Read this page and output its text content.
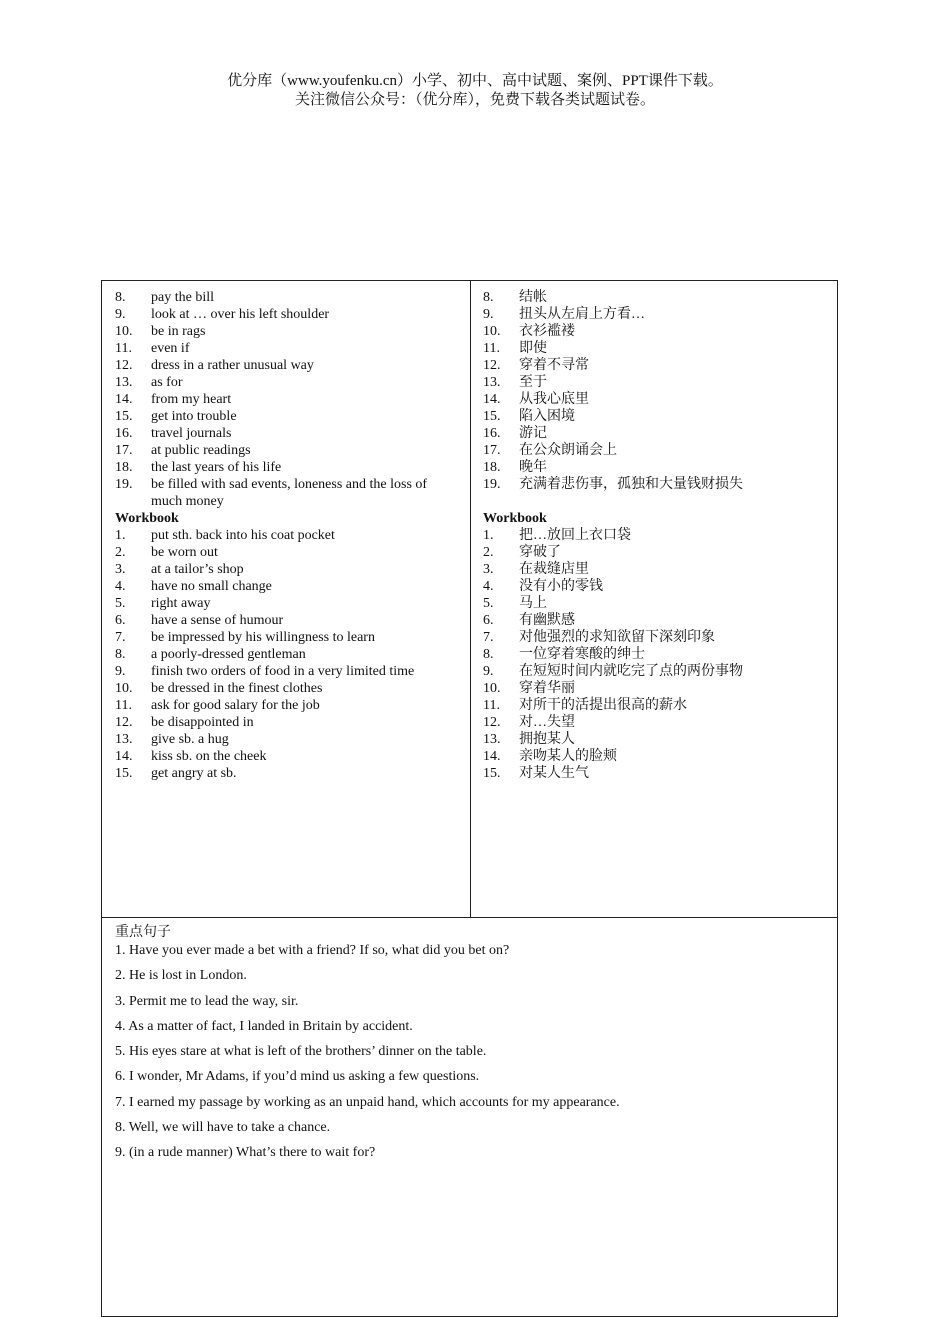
优分库（www.youfenku.cn）小学、初中、高中试题、案例、PPT课件下载。
关注微信公众号：（优分库），免费下载各类试题试卷。
8.	pay the bill
9.	look at … over his left shoulder
10.	be in rags
11.	even if
12.	dress in a rather unusual way
13.	as for
14.	from my heart
15.	get into trouble
16.	travel journals
17.	at public readings
18.	the last years of his life
19.	be filled with sad events, loneness and the loss of much money
Workbook
1.	put sth. back into his coat pocket
2.	be worn out
3.	at a tailor’s shop
4.	have no small change
5.	right away
6.	have a sense of humour
7.	be impressed by his willingness to learn
8.	a poorly-dressed gentleman
9.	finish two orders of food in a very limited time
10.	be dressed in the finest clothes
11.	ask for good salary for the job
12.	be disappointed in
13.	give sb. a hug
14.	kiss sb. on the cheek
15.	get angry at sb.
8.	结帐
9.	扭头从左肩上方看…
10.	衣衫褴褛
11.	即使
12.	穿着不寻常
13.	至于
14.	从我心底里
15.	陷入困境
16.	游记
17.	在公众朗诵会上
18.	晚年
19.	充满着悲伤事，孤独和大量钱财损失
Workbook
1.	把…放回上衣口袋
2.	穿破了
3.	在裁缝店里
4.	没有小的零钱
5.	马上
6.	有幽默感
7.	对他强烈的求知欲留下深刻印象
8.	一位穿着寒酸的绅士
9.	在短短时间内就吃完了点的两份事物
10.	穿着华丽
11.	对所干的活提出很高的薪水
12.	对…失望
13.	拥抱某人
14.	亲吻某人的脸颊
15.	对某人生气
重点句子
1. Have you ever made a bet with a friend? If so, what did you bet on?
2. He is lost in London.
3. Permit me to lead the way, sir.
4. As a matter of fact, I landed in Britain by accident.
5. His eyes stare at what is left of the brothers’ dinner on the table.
6. I wonder, Mr Adams, if you’d mind us asking a few questions.
7. I earned my passage by working as an unpaid hand, which accounts for my appearance.
8. Well, we will have to take a chance.
9. (in a rude manner) What’s there to wait for?
